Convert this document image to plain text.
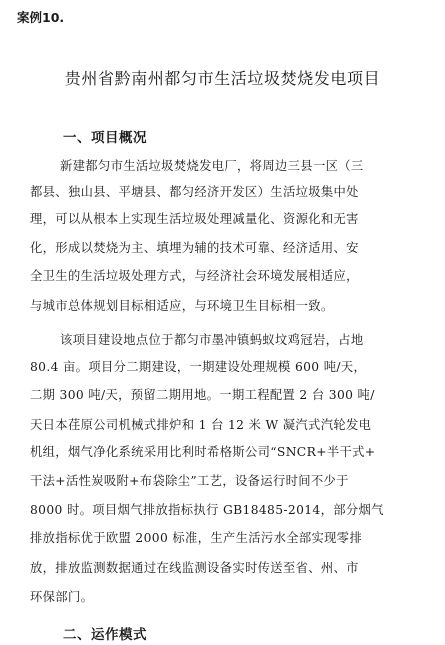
案例10.
贵州省黔南州都匀市生活垃圾焚烧发电项目
一、项目概况
新建都匀市生活垃圾焚烧发电厂，将周边三县一区（三
都县、独山县、平塘县、都匀经济开发区）生活垃圾集中处
理，可以从根本上实现生活垃圾处理减量化、资源化和无害
化，形成以焚烧为主、填埋为辅的技术可靠、经济适用、安
全卫生的生活垃圾处理方式，与经济社会环境发展相适应，
与城市总体规划目标相适应，与环境卫生目标相一致。
该项目建设地点位于都匀市墨冲镇蚂蚁坟鸡冠岩，占地
80.4 亩。项目分二期建设，一期建设处理规模 600 吨/天，
二期 300 吨/天，预留二期用地。一期工程配置 2 台 300 吨/
天日本荏原公司机械式排炉和 1 台 12 米 W 凝汽式汽轮发电
机组，烟气净化系统采用比利时希格斯公司“SNCR+半干式+
干法+活性炭吸附+布袋除尘”工艺，设备运行时间不少于
8000 时。项目烟气排放指标执行 GB18485-2014，部分烟气
排放指标优于欧盟 2000 标准，生产生活污水全部实现零排
放，排放监测数据通过在线监测设备实时传送至省、州、市
环保部门。
二、运作模式
